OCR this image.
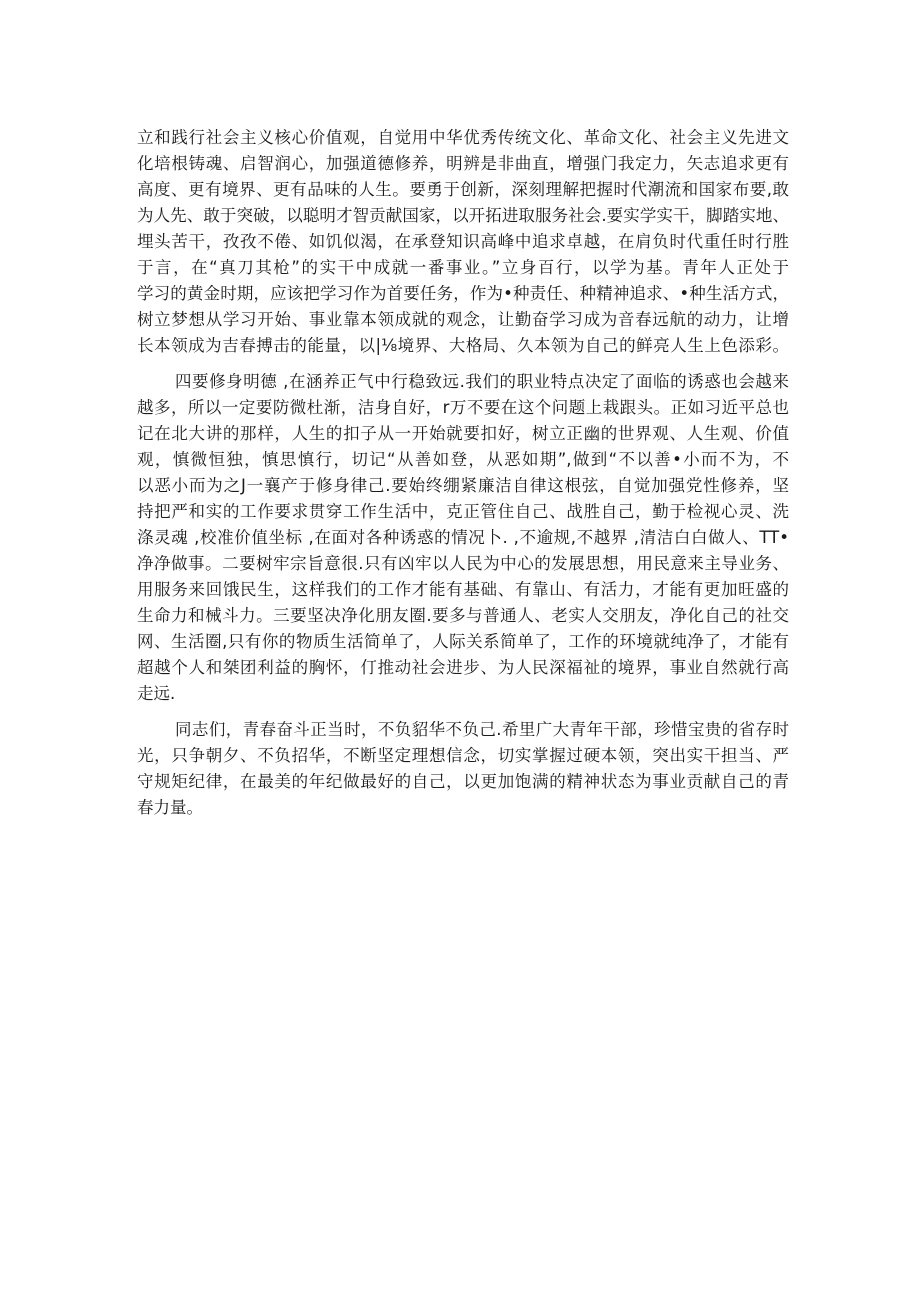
立和践行社会主义核心价值观，自觉用中华优秀传统文化、革命文化、社会主义先进文
化培根铸魂、启智润心，加强道德修养，明辨是非曲直，增强门我定力，矢志追求更有
高度、更有境界、更有品味的人生。要勇于创新，深刻理解把握时代潮流和国家布要,敢
为人先、敢于突破，以聪明才智贡献国家，以开拓进取服务社会.要实学实干，脚踏实地、
埋头苦干，孜孜不倦、如饥似渴，在承登知识高峰中追求卓越，在肩负时代重任时行胜
于言，在“真刀其枪”的实干中成就一番事业。”立身百行，以学为基。青年人正处于
学习的黄金时期，应该把学习作为首要任务，作为•种责任、种精神追求、•种生活方式，
树立梦想从学习开始、事业靠本领成就的观念，让勤奋学习成为音春远航的动力，让增
长本领成为吉春搏击的能量，以|⅛境界、大格局、久本领为自己的鲜亮人生上色添彩。

四要修身明德 ,在涵养正气中行稳致远.我们的职业特点决定了面临的诱惑也会越来
越多，所以一定要防微杜渐，洁身自好，r万不要在这个问题上栽跟头。正如习近平总也
记在北大讲的那样，人生的扣子从一开始就要扣好，树立正幽的世界观、人生观、价值
观，慎微恒独，慎思慎行，切记“从善如登，从恶如期”,做到“不以善•小而不为，不
以恶小而为之J一襄产于修身律己.要始终绷紧廉洁自律这根弦，自觉加强党性修养，坚
持把严和实的工作要求贯穿工作生活中，克正管住自己、战胜自己，勤于检视心灵、洗
涤灵魂 ,校准价值坐标 ,在面对各种诱惑的情况卜. ,不逾规,不越界 ,清洁白白做人、TT•
净净做事。二要树牢宗旨意很.只有凶牢以人民为中心的发展思想，用民意来主导业务、
用服务来回饿民生，这样我们的工作才能有基础、有靠山、有活力，才能有更加旺盛的
生命力和械斗力。三要坚决净化朋友圈.要多与普通人、老实人交朋友，净化自己的社交
网、生活圈,只有你的物质生活简单了，人际关系简单了，工作的环境就纯净了，才能有
超越个人和桀团利益的胸怀，仃推动社会进步、为人民深福祉的境界，事业自然就行高
走远.

同志们，青春奋斗正当时，不负貂华不负己.希里广大青年干部，珍惜宝贵的省存时
光，只争朝夕、不负招华，不断坚定理想信念，切实掌握过硬本领，突出实干担当、严
守规矩纪律，在最美的年纪做最好的自己，以更加饱满的精神状态为事业贡献自己的青
春力量。
